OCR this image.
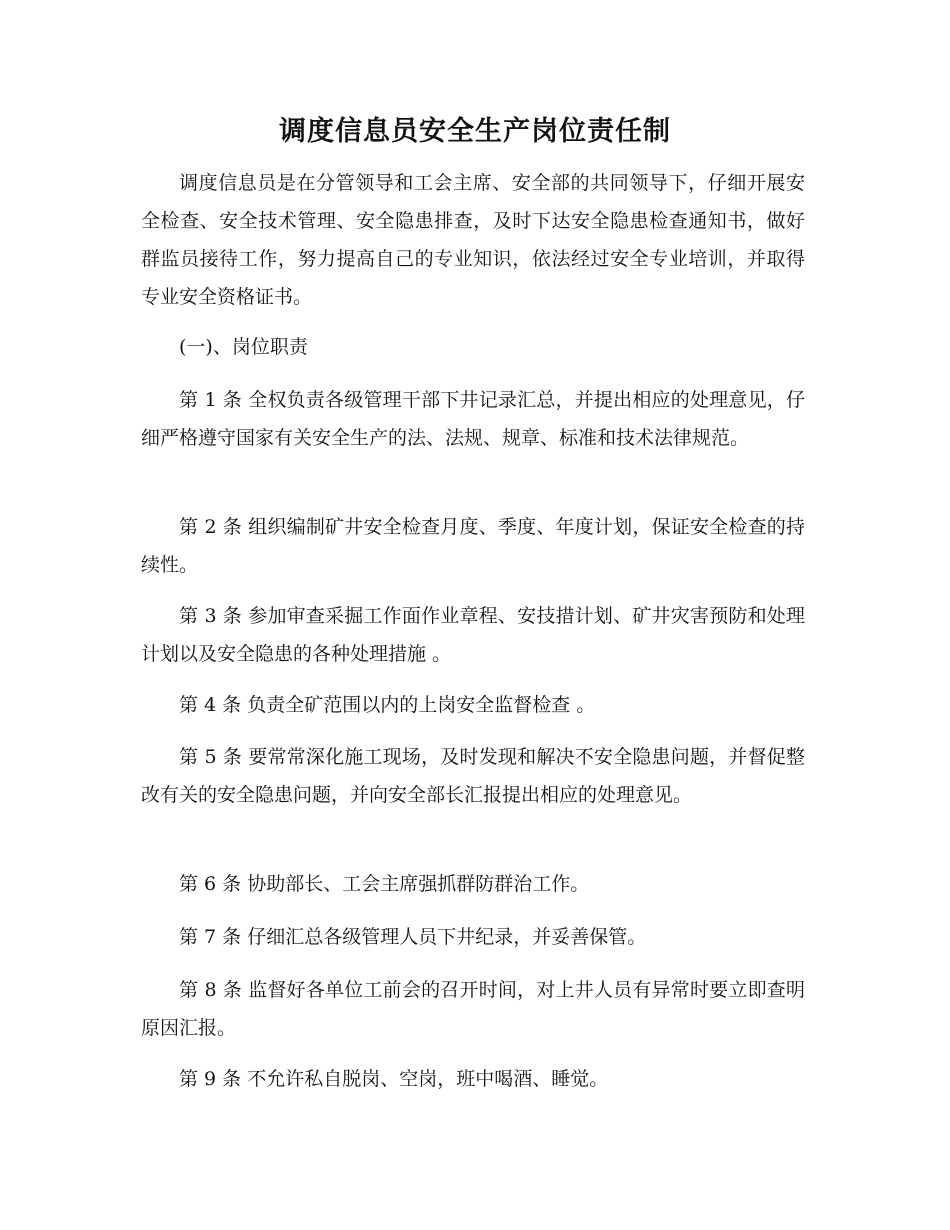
调度信息员安全生产岗位责任制

调度信息员是在分管领导和工会主席、安全部的共同领导下，仔细开展安全检查、安全技术管理、安全隐患排查，及时下达安全隐患检查通知书，做好群监员接待工作，努力提高自己的专业知识，依法经过安全专业培训，并取得专业安全资格证书。

(一)、岗位职责

第 1 条 全权负责各级管理干部下井记录汇总，并提出相应的处理意见，仔细严格遵守国家有关安全生产的法、法规、规章、标准和技术法律规范。

第 2 条 组织编制矿井安全检查月度、季度、年度计划，保证安全检查的持续性。

第 3 条 参加审查采掘工作面作业章程、安技措计划、矿井灾害预防和处理计划以及安全隐患的各种处理措施 。

第 4 条 负责全矿范围以内的上岗安全监督检查 。

第 5 条 要常常深化施工现场，及时发现和解决不安全隐患问题，并督促整改有关的安全隐患问题，并向安全部长汇报提出相应的处理意见。

第 6 条 协助部长、工会主席强抓群防群治工作。

第 7 条 仔细汇总各级管理人员下井纪录，并妥善保管。

第 8 条 监督好各单位工前会的召开时间，对上井人员有异常时要立即查明原因汇报。

第 9 条 不允许私自脱岗、空岗，班中喝酒、睡觉。
